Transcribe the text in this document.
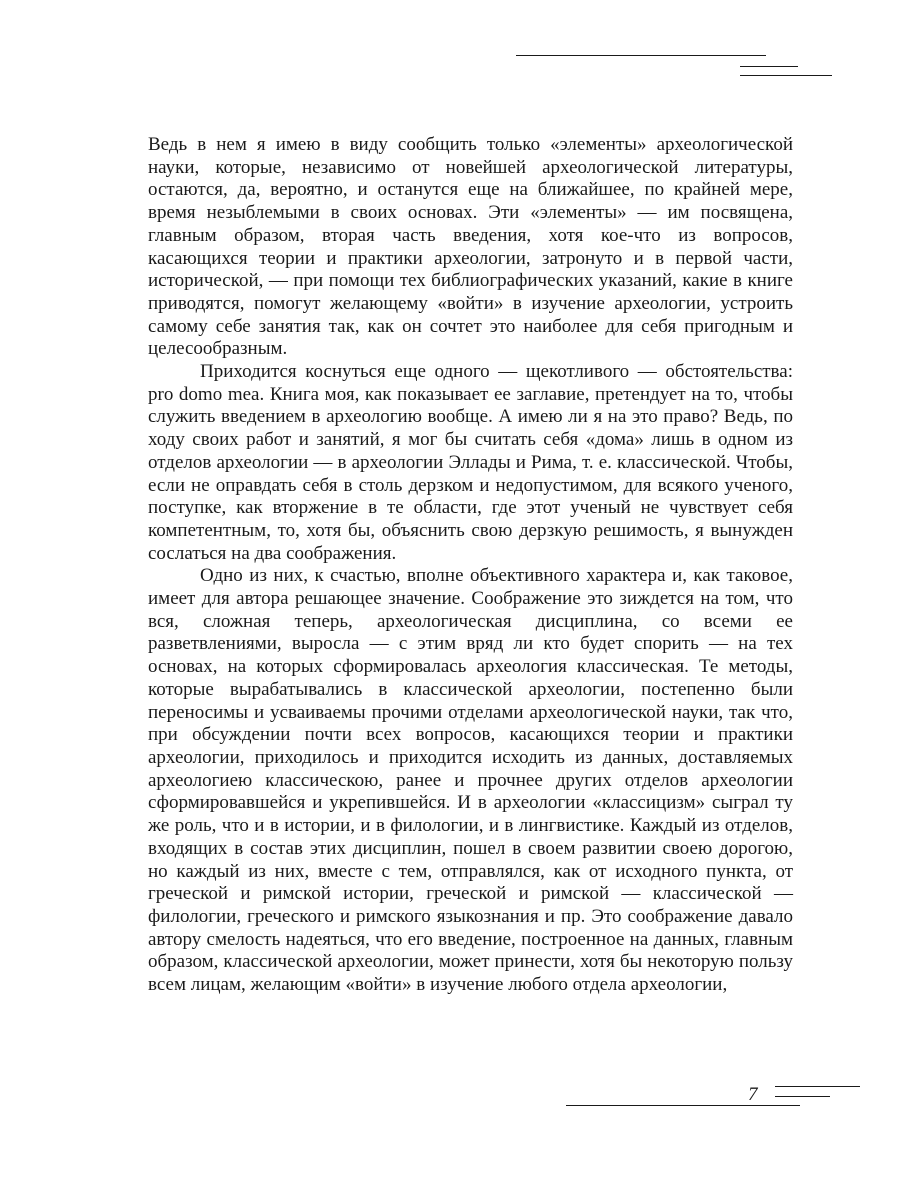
Ведь в нем я имею в виду сообщить только «элементы» археологической науки, которые, независимо от новейшей археологической литературы, остаются, да, вероятно, и останутся еще на ближайшее, по крайней мере, время незыблемыми в своих основах. Эти «элементы» — им посвящена, главным образом, вторая часть введения, хотя кое-что из вопросов, касающихся теории и практики археологии, затронуто и в первой части, исторической, — при помощи тех библиографических указаний, какие в книге приводятся, помогут желающему «войти» в изучение археологии, устроить самому себе занятия так, как он сочтет это наиболее для себя пригодным и целесообразным.

Приходится коснуться еще одного — щекотливого — обстоятельства: pro domo mea. Книга моя, как показывает ее заглавие, претендует на то, чтобы служить введением в археологию вообще. А имею ли я на это право? Ведь, по ходу своих работ и занятий, я мог бы считать себя «дома» лишь в одном из отделов археологии — в археологии Эллады и Рима, т. е. классической. Чтобы, если не оправдать себя в столь дерзком и недопустимом, для всякого ученого, поступке, как вторжение в те области, где этот ученый не чувствует себя компетентным, то, хотя бы, объяснить свою дерзкую решимость, я вынужден сослаться на два соображения.

Одно из них, к счастью, вполне объективного характера и, как таковое, имеет для автора решающее значение. Соображение это зиждется на том, что вся, сложная теперь, археологическая дисциплина, со всеми ее разветвлениями, выросла — с этим вряд ли кто будет спорить — на тех основах, на которых сформировалась археология классическая. Те методы, которые вырабатывались в классической археологии, постепенно были переносимы и усваиваемы прочими отделами археологической науки, так что, при обсуждении почти всех вопросов, касающихся теории и практики археологии, приходилось и приходится исходить из данных, доставляемых археологиею классическою, ранее и прочнее других отделов археологии сформировавшейся и укрепившейся. И в археологии «классицизм» сыграл ту же роль, что и в истории, и в филологии, и в лингвистике. Каждый из отделов, входящих в состав этих дисциплин, пошел в своем развитии своею дорогою, но каждый из них, вместе с тем, отправлялся, как от исходного пункта, от греческой и римской истории, греческой и римской — классической — филологии, греческого и римского языкознания и пр. Это соображение давало автору смелость надеяться, что его введение, построенное на данных, главным образом, классической археологии, может принести, хотя бы некоторую пользу всем лицам, желающим «войти» в изучение любого отдела археологии,

7
